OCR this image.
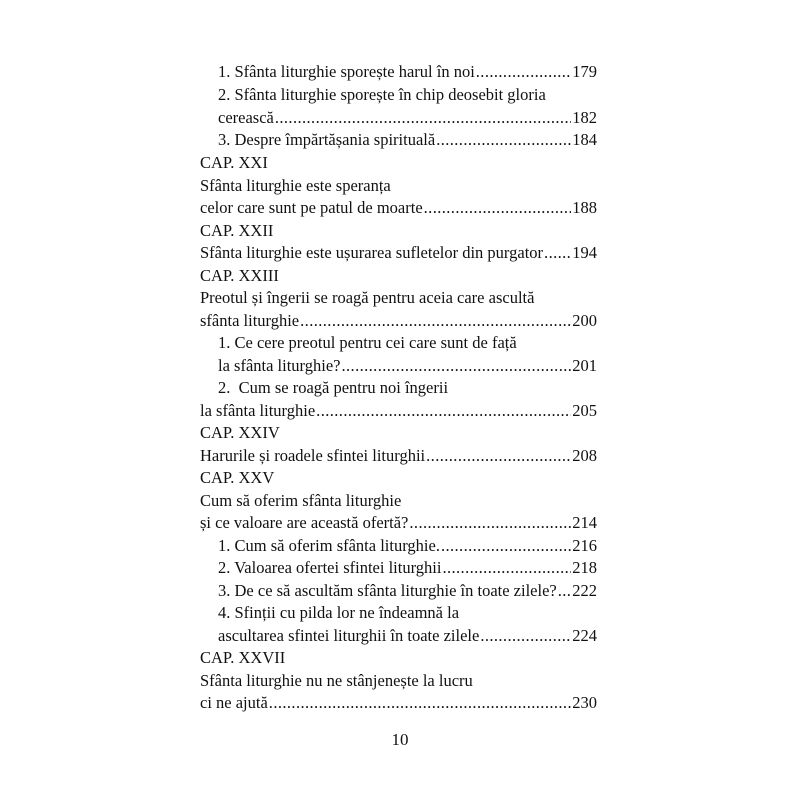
1. Sfânta liturghie sporește harul în noi .....	179
2. Sfânta liturghie sporește în chip deosebit gloria
cerească .....	182
3. Despre împărtășania spirituală .....	184
CAP. XXI
Sfânta liturghie este speranța
celor care sunt pe patul de moarte .....	188
CAP. XXII
Sfânta liturghie este ușurarea sufletelor din purgator ..... 194
CAP. XXIII
Preotul și îngerii se roagă pentru aceia care ascultă
sfânta liturghie .....	200
1. Ce cere preotul pentru cei care sunt de față
la sfânta liturghie? .....	201
2.  Cum se roagă pentru noi îngerii
la sfânta liturghie .....	205
CAP. XXIV
Harurile și roadele sfintei liturghii .....	208
CAP. XXV
Cum să oferim sfânta liturghie
și ce valoare are această ofertă? .....	214
1. Cum să oferim sfânta liturghie. .....	216
2. Valoarea ofertei sfintei liturghii .....	218
3. De ce să ascultăm sfânta liturghie în toate zilele? ..... 222
4. Sfinții cu pilda lor ne îndeamnă la
ascultarea sfintei liturghii în toate zilele .....	224
CAP. XXVII
Sfânta liturghie nu ne stânjenește la lucru
ci ne ajută .....	230
10
